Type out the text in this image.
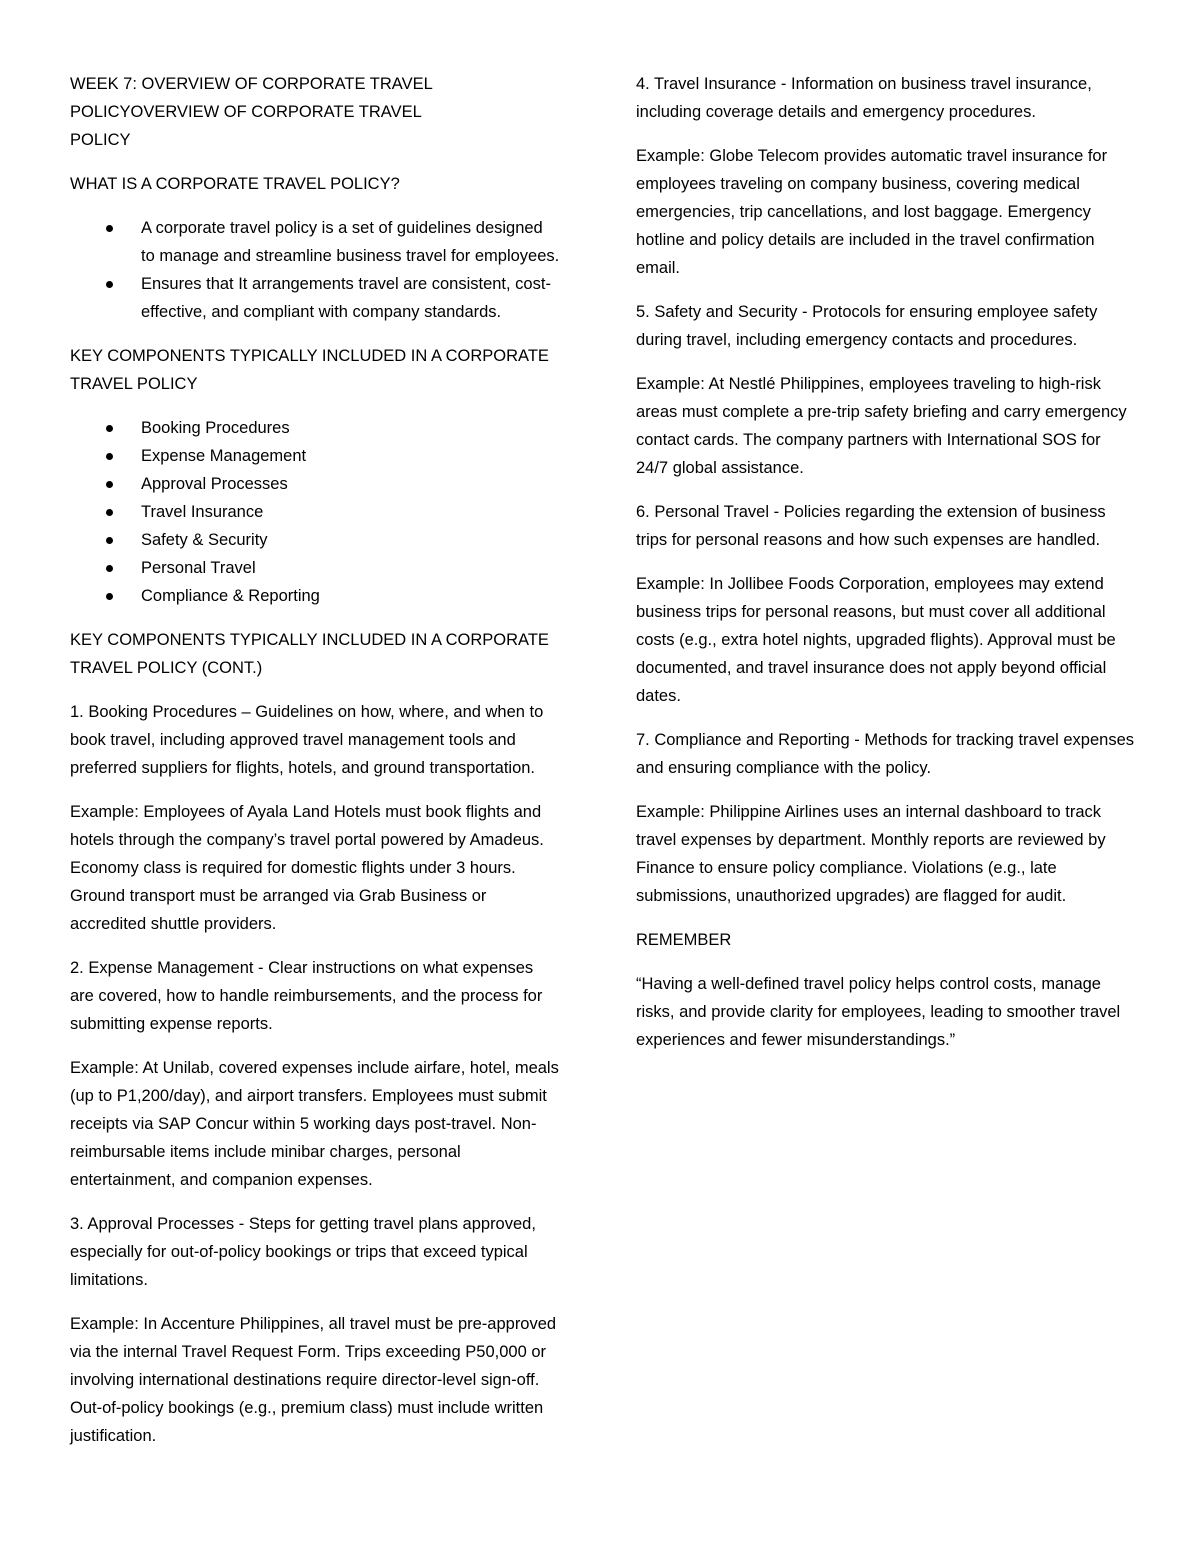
WEEK 7: OVERVIEW OF CORPORATE TRAVEL POLICYOVERVIEW OF CORPORATE TRAVEL POLICY

WHAT IS A CORPORATE TRAVEL POLICY?

A corporate travel policy is a set of guidelines designed to manage and streamline business travel for employees.
Ensures that It arrangements travel are consistent, cost-effective, and compliant with company standards.

KEY COMPONENTS TYPICALLY INCLUDED IN A CORPORATE TRAVEL POLICY

Booking Procedures
Expense Management
Approval Processes
Travel Insurance
Safety & Security
Personal Travel
Compliance & Reporting

KEY COMPONENTS TYPICALLY INCLUDED IN A CORPORATE TRAVEL POLICY (CONT.)

1. Booking Procedures – Guidelines on how, where, and when to book travel, including approved travel management tools and preferred suppliers for flights, hotels, and ground transportation.

Example: Employees of Ayala Land Hotels must book flights and hotels through the company’s travel portal powered by Amadeus. Economy class is required for domestic flights under 3 hours. Ground transport must be arranged via Grab Business or accredited shuttle providers.

2. Expense Management - Clear instructions on what expenses are covered, how to handle reimbursements, and the process for submitting expense reports.

Example: At Unilab, covered expenses include airfare, hotel, meals (up to P1,200/day), and airport transfers. Employees must submit receipts via SAP Concur within 5 working days post-travel. Non-reimbursable items include minibar charges, personal entertainment, and companion expenses.

3. Approval Processes - Steps for getting travel plans approved, especially for out-of-policy bookings or trips that exceed typical limitations.

Example: In Accenture Philippines, all travel must be pre-approved via the internal Travel Request Form. Trips exceeding P50,000 or involving international destinations require director-level sign-off. Out-of-policy bookings (e.g., premium class) must include written justification.

4. Travel Insurance - Information on business travel insurance, including coverage details and emergency procedures.

Example: Globe Telecom provides automatic travel insurance for employees traveling on company business, covering medical emergencies, trip cancellations, and lost baggage. Emergency hotline and policy details are included in the travel confirmation email.

5. Safety and Security - Protocols for ensuring employee safety during travel, including emergency contacts and procedures.

Example: At Nestlé Philippines, employees traveling to high-risk areas must complete a pre-trip safety briefing and carry emergency contact cards. The company partners with International SOS for 24/7 global assistance.

6. Personal Travel - Policies regarding the extension of business trips for personal reasons and how such expenses are handled.

Example: In Jollibee Foods Corporation, employees may extend business trips for personal reasons, but must cover all additional costs (e.g., extra hotel nights, upgraded flights). Approval must be documented, and travel insurance does not apply beyond official dates.

7. Compliance and Reporting - Methods for tracking travel expenses and ensuring compliance with the policy.

Example: Philippine Airlines uses an internal dashboard to track travel expenses by department. Monthly reports are reviewed by Finance to ensure policy compliance. Violations (e.g., late submissions, unauthorized upgrades) are flagged for audit.

REMEMBER

“Having a well-defined travel policy helps control costs, manage risks, and provide clarity for employees, leading to smoother travel experiences and fewer misunderstandings.”
